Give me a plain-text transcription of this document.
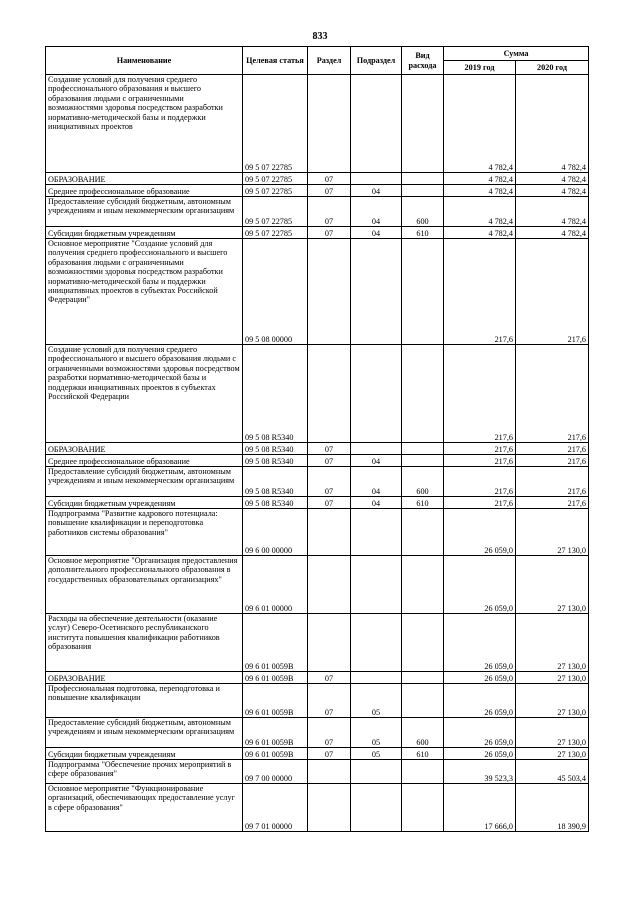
833
Наименование	Целевая статья	Раздел	Подраздел	Вид расхода	Сумма	
					2019 год	2020 год
Создание условий для получения среднего профессионального образования и высшего образования людьми с ограниченными возможностями здоровья посредством разработки нормативно-методической базы и поддержки инициативных проектов	09 5 07 22785				4 782,4	4 782,4
ОБРАЗОВАНИЕ	09 5 07 22785	07			4 782,4	4 782,4
Среднее профессиональное образование	09 5 07 22785	07	04		4 782,4	4 782,4
Предоставление субсидий бюджетным, автономным учреждениям и иным некоммерческим организациям	09 5 07 22785	07	04	600	4 782,4	4 782,4
Субсидии бюджетным учреждениям	09 5 07 22785	07	04	610	4 782,4	4 782,4
Основное мероприятие "Создание условий для получения среднего профессионального и высшего образования людьми с ограниченными возможностями здоровья посредством разработки нормативно-методической базы и поддержки инициативных проектов в субъектах Российской Федерации"	09 5 08 00000				217,6	217,6
Создание условий для получения среднего профессионального и высшего образования людьми с ограниченными возможностями здоровья посредством разработки нормативно-методической базы и поддержки инициативных проектов в субъектах Российской Федерации	09 5 08 R5340				217,6	217,6
ОБРАЗОВАНИЕ	09 5 08 R5340	07			217,6	217,6
Среднее профессиональное образование	09 5 08 R5340	07	04		217,6	217,6
Предоставление субсидий бюджетным, автономным учреждениям и иным некоммерческим организациям	09 5 08 R5340	07	04	600	217,6	217,6
Субсидии бюджетным учреждениям	09 5 08 R5340	07	04	610	217,6	217,6
Подпрограмма "Развитие кадрового потенциала: повышение квалификации и переподготовка работников системы образования"	09 6 00 00000				26 059,0	27 130,0
Основное мероприятие "Организация предоставления дополнительного профессионального образования в государственных образовательных организациях"	09 6 01 00000				26 059,0	27 130,0
Расходы на обеспечение деятельности (оказание услуг) Северо-Осетинского республиканского института повышения квалификации работников образования	09 6 01 0059В				26 059,0	27 130,0
ОБРАЗОВАНИЕ	09 6 01 0059В	07			26 059,0	27 130,0
Профессиональная подготовка, переподготовка и повышение квалификации	09 6 01 0059В	07	05		26 059,0	27 130,0
Предоставление субсидий бюджетным, автономным учреждениям и иным некоммерческим организациям	09 6 01 0059В	07	05	600	26 059,0	27 130,0
Субсидии бюджетным учреждениям	09 6 01 0059В	07	05	610	26 059,0	27 130,0
Подпрограмма "Обеспечение прочих мероприятий в сфере образования"	09 7 00 00000				39 523,3	45 503,4
Основное мероприятие "Функционирование организаций, обеспечивающих предоставление услуг в сфере образования"	09 7 01 00000				17 666,0	18 390,9
